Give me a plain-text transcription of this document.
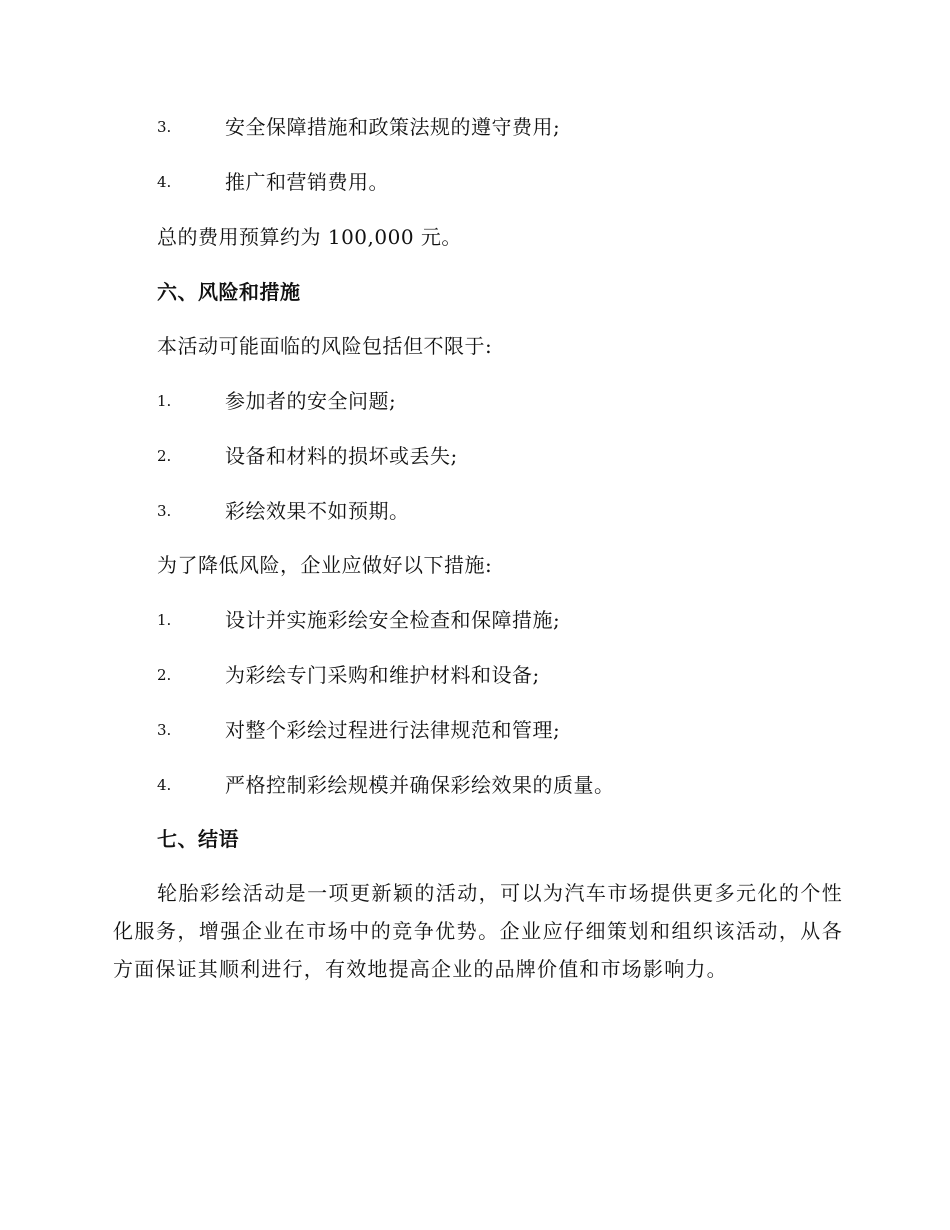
3.	安全保障措施和政策法规的遵守费用;
4.	推广和营销费用。
总的费用预算约为 100,000 元。
六、风险和措施
本活动可能面临的风险包括但不限于:
1.	参加者的安全问题;
2.	设备和材料的损坏或丢失;
3.	彩绘效果不如预期。
为了降低风险，企业应做好以下措施:
1.	设计并实施彩绘安全检查和保障措施;
2.	为彩绘专门采购和维护材料和设备;
3.	对整个彩绘过程进行法律规范和管理;
4.	严格控制彩绘规模并确保彩绘效果的质量。
七、结语
轮胎彩绘活动是一项更新颖的活动，可以为汽车市场提供更多元化的个性化服务，增强企业在市场中的竞争优势。企业应仔细策划和组织该活动，从各方面保证其顺利进行，有效地提高企业的品牌价值和市场影响力。
